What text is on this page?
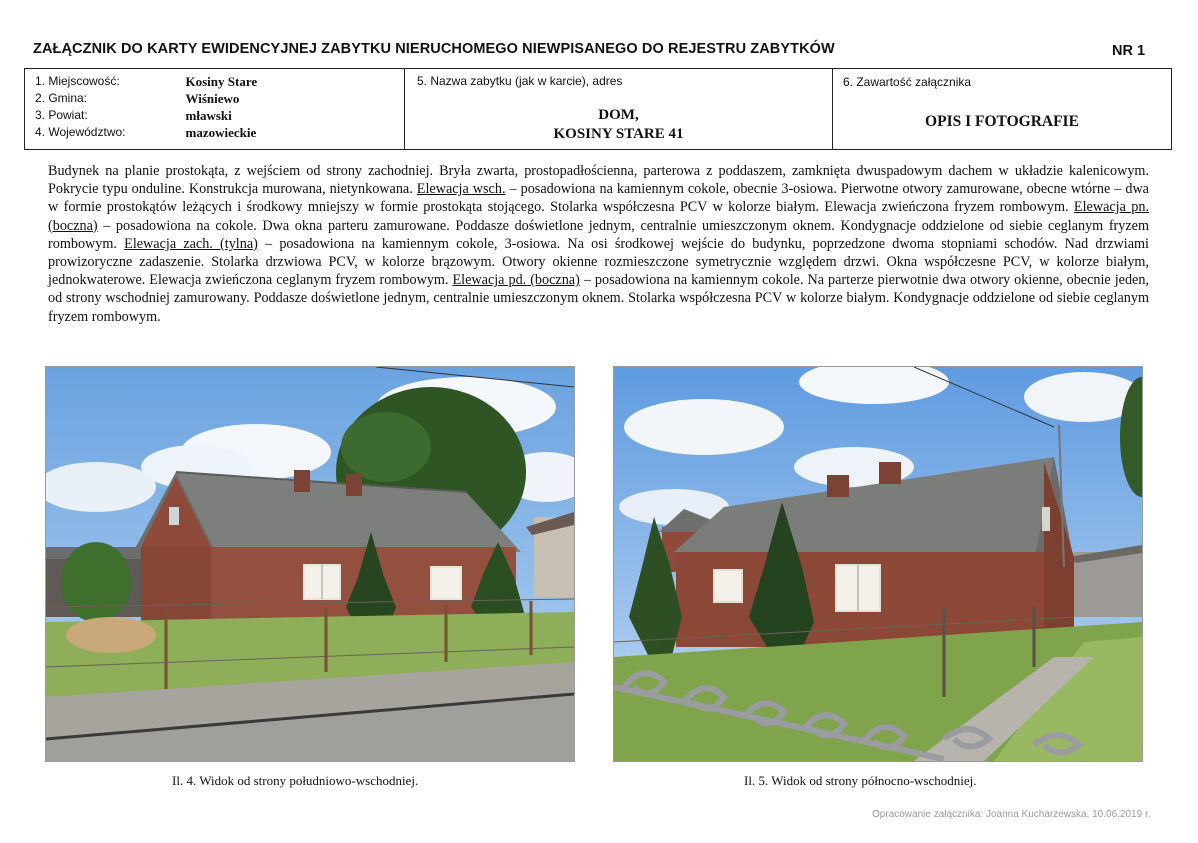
ZAŁĄCZNIK DO KARTY EWIDENCYJNEJ ZABYTKU NIERUCHOMEGO NIEWPISANEGO DO REJESTRU ZABYTKÓW	NR 1
1. Miejscowość:
2. Gmina:
3. Powiat:
4. Województwo:
Kosiny Stare
Wiśniewo
mławski
mazowieckie
5. Nazwa zabytku (jak w karcie), adres
DOM,
KOSINY STARE 41
6. Zawartość załącznika
OPIS I FOTOGRAFIE
Budynek na planie prostokąta, z wejściem od strony zachodniej. Bryła zwarta, prostopadłościenna, parterowa z poddaszem, zamknięta dwuspadowym dachem w układzie kalenicowym. Pokrycie typu onduline. Konstrukcja murowana, nietynkowana. Elewacja wsch. – posadowiona na kamiennym cokole, obecnie 3-osiowa. Pierwotne otwory zamurowane, obecne wtórne – dwa w formie prostokątów leżących i środkowy mniejszy w formie prostokąta stojącego. Stolarka współczesna PCV w kolorze białym. Elewacja zwieńczona fryzem rombowym. Elewacja pn. (boczna) – posadowiona na cokole. Dwa okna parteru zamurowane. Poddasze doświetlone jednym, centralnie umieszczonym oknem. Kondygnacje oddzielone od siebie ceglanym fryzem rombowym. Elewacja zach. (tylna) – posadowiona na kamiennym cokole, 3-osiowa. Na osi środkowej wejście do budynku, poprzedzone dwoma stopniami schodów. Nad drzwiami prowizoryczne zadaszenie. Stolarka drzwiowa PCV, w kolorze brązowym. Otwory okienne rozmieszczone symetrycznie względem drzwi. Okna współczesne PCV, w kolorze białym, jednokwaterowe. Elewacja zwieńczona ceglanym fryzem rombowym. Elewacja pd. (boczna) – posadowiona na kamiennym cokole. Na parterze pierwotnie dwa otwory okienne, obecnie jeden, od strony wschodniej zamurowany. Poddasze doświetlone jednym, centralnie umieszczonym oknem. Stolarka współczesna PCV w kolorze białym. Kondygnacje oddzielone od siebie ceglanym fryzem rombowym.
Il. 4. Widok od strony południowo-wschodniej.	Il. 5. Widok od strony północno-wschodniej.
Opracowanie załącznika: Joanna Kucharzewska, 10.06.2019 r.
